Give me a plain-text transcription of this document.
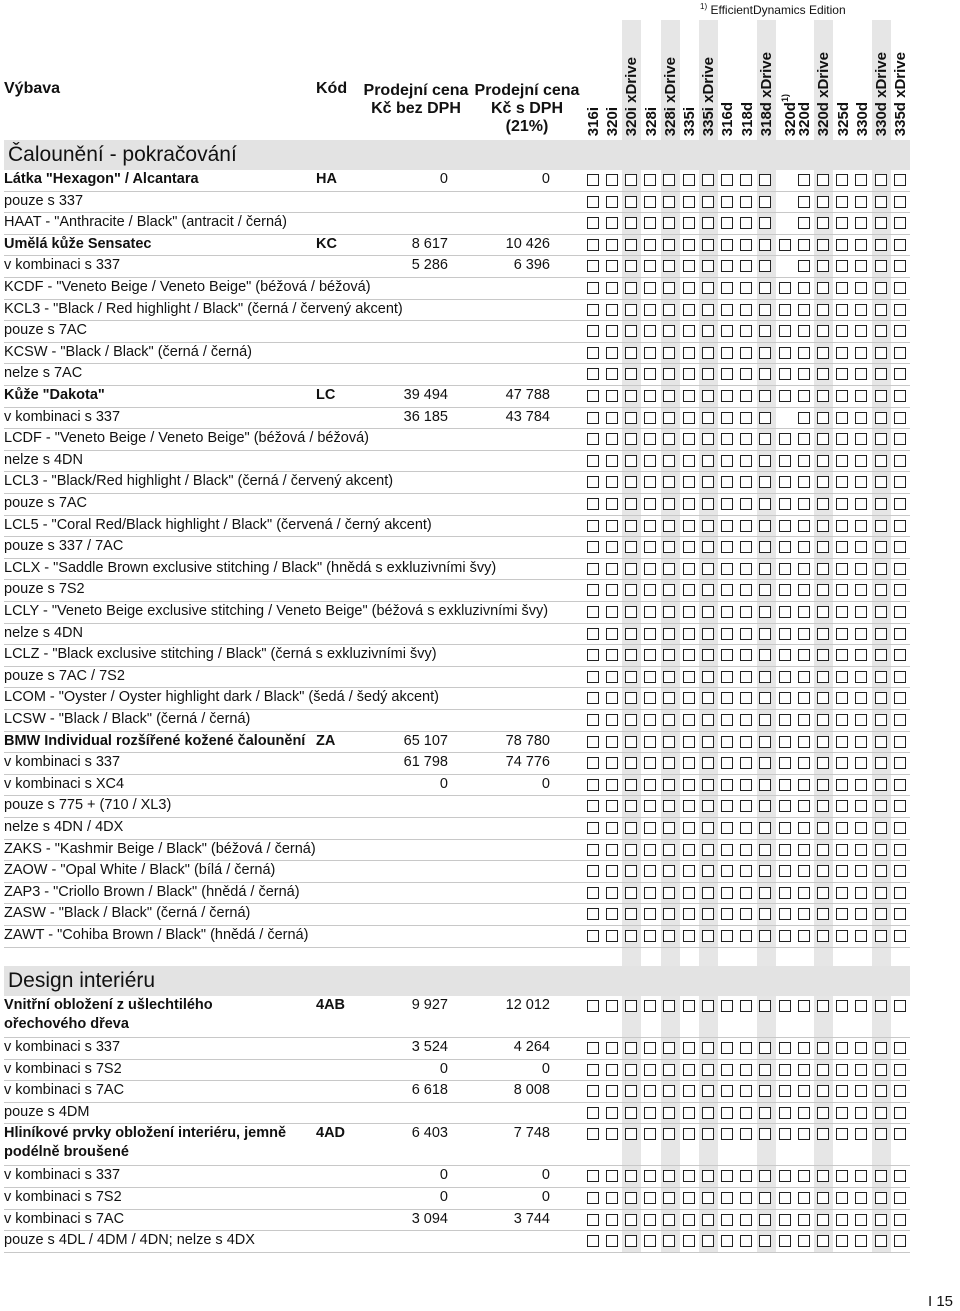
$^{1)}$ EfficientDynamics Edition
Výbava	Kód Prodejní cena
Kč bez DPH
Prodejní cena
Kč s DPH
(21%)	316i 320i 320i xDrive 328i 328i xDrive 335i 335i xDrive 316d 318d 318d xDrive $320d^{1)}$
320d 320d xDrive 325d 330d 330d xDrive 335d xDrive
Čalounění - pokračování
Látka "Hexagon" / Alcantara	HA	0	0
pouze s 337
HAAT - "Anthracite / Black" (antracit / černá)
Umělá kůže Sensatec	KC	8 617	10 426
v kombinaci s 337	5 286	6 396
KCDF - "Veneto Beige / Veneto Beige" (béžová / béžová)
KCL3 - "Black / Red highlight / Black" (černá / červený akcent)
pouze s 7AC
KCSW - "Black / Black" (černá / černá)
nelze s 7AC
Kůže "Dakota"	LC	39 494	47 788
v kombinaci s 337	36 185	43 784
LCDF - "Veneto Beige / Veneto Beige" (béžová / béžová)
nelze s 4DN
LCL3 - "Black/Red highlight / Black" (černá / červený akcent)
pouze s 7AC
LCL5 - "Coral Red/Black highlight / Black" (červená / černý akcent)
pouze s 337 / 7AC
LCLX - "Saddle Brown exclusive stitching / Black" (hnědá s exkluzivními švy)
pouze s 7S2
LCLY - "Veneto Beige exclusive stitching / Veneto Beige" (béžová s exkluzivními švy)
nelze s 4DN
LCLZ - "Black exclusive stitching / Black" (černá s exkluzivními švy)
pouze s 7AC / 7S2
LCOM - "Oyster / Oyster highlight dark / Black" (šedá / šedý akcent)
LCSW - "Black / Black" (černá / černá)
BMW Individual rozšířené kožené čalounění ZA	65 107	78 780
v kombinaci s 337	61 798	74 776
v kombinaci s XC4	0	0
pouze s 775 + (710 / XL3)
nelze s 4DN / 4DX
ZAKS - "Kashmir Beige / Black" (béžová / černá)
ZAOW - "Opal White / Black" (bílá / černá)
ZAP3 - "Criollo Brown / Black" (hnědá / černá)
ZASW - "Black / Black" (černá / černá)
ZAWT - "Cohiba Brown / Black" (hnědá / černá)
Design interiéru
Vnitřní obložení z ušlechtilého ořechového dřeva
4AB	9 927	12 012
v kombinaci s 337	3 524	4 264
v kombinaci s 7S2	0	0
v kombinaci s 7AC	6 618	8 008
pouze s 4DM
Hliníkové prvky obložení interiéru, jemně podélně broušené
4AD	6 403	7 748
v kombinaci s 337	0	0
v kombinaci s 7S2	0	0
v kombinaci s 7AC	3 094	3 744
pouze s 4DL / 4DM / 4DN; nelze s 4DX
I 15
